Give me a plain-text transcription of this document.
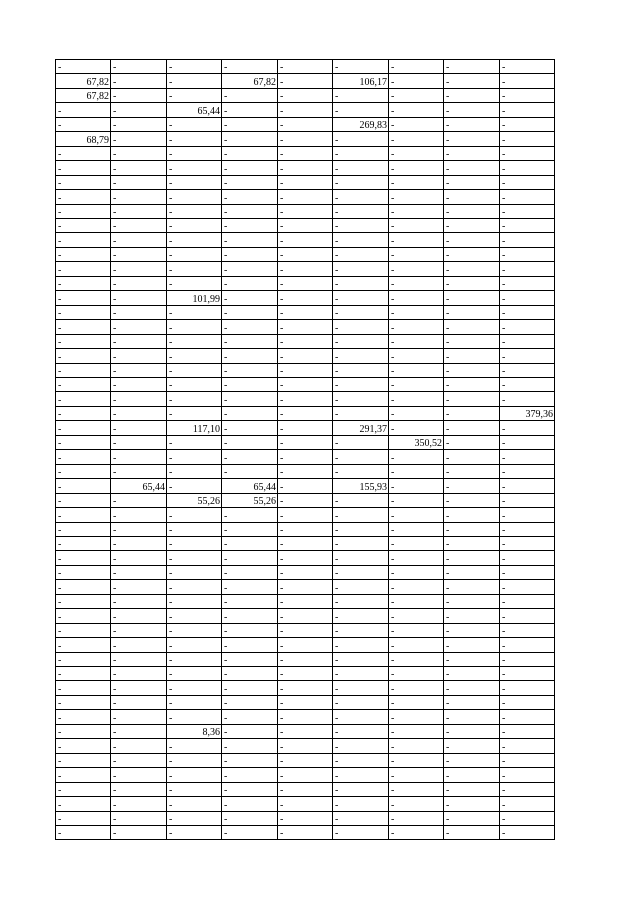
-	-	-	-	-	-	-	-	-
67,82	-	-	67,82	-	106,17	-	-	-
67,82	-	-	-	-	-	-	-	-
-	-	65,44	-	-	-	-	-	-
-	-	-	-	-	269,83	-	-	-
68,79	-	-	-	-	-	-	-	-
-	-	-	-	-	-	-	-	-
-	-	-	-	-	-	-	-	-
-	-	-	-	-	-	-	-	-
-	-	-	-	-	-	-	-	-
-	-	-	-	-	-	-	-	-
-	-	-	-	-	-	-	-	-
-	-	-	-	-	-	-	-	-
-	-	-	-	-	-	-	-	-
-	-	-	-	-	-	-	-	-
-	-	-	-	-	-	-	-	-
-	-	101,99	-	-	-	-	-	-
-	-	-	-	-	-	-	-	-
-	-	-	-	-	-	-	-	-
-	-	-	-	-	-	-	-	-
-	-	-	-	-	-	-	-	-
-	-	-	-	-	-	-	-	-
-	-	-	-	-	-	-	-	-
-	-	-	-	-	-	-	-	-
-	-	-	-	-	-	-	-	379,36
-	-	117,10	-	-	291,37	-	-	-
-	-	-	-	-	-	350,52	-	-
-	-	-	-	-	-	-	-	-
-	-	-	-	-	-	-	-	-
-	65,44	-	65,44	-	155,93	-	-	-
-	-	55,26	55,26	-	-	-	-	-
-	-	-	-	-	-	-	-	-
-	-	-	-	-	-	-	-	-
-	-	-	-	-	-	-	-	-
-	-	-	-	-	-	-	-	-
-	-	-	-	-	-	-	-	-
-	-	-	-	-	-	-	-	-
-	-	-	-	-	-	-	-	-
-	-	-	-	-	-	-	-	-
-	-	-	-	-	-	-	-	-
-	-	-	-	-	-	-	-	-
-	-	-	-	-	-	-	-	-
-	-	-	-	-	-	-	-	-
-	-	-	-	-	-	-	-	-
-	-	-	-	-	-	-	-	-
-	-	-	-	-	-	-	-	-
-	-	8,36	-	-	-	-	-	-
-	-	-	-	-	-	-	-	-
-	-	-	-	-	-	-	-	-
-	-	-	-	-	-	-	-	-
-	-	-	-	-	-	-	-	-
-	-	-	-	-	-	-	-	-
-	-	-	-	-	-	-	-	-
-	-	-	-	-	-	-	-	-
